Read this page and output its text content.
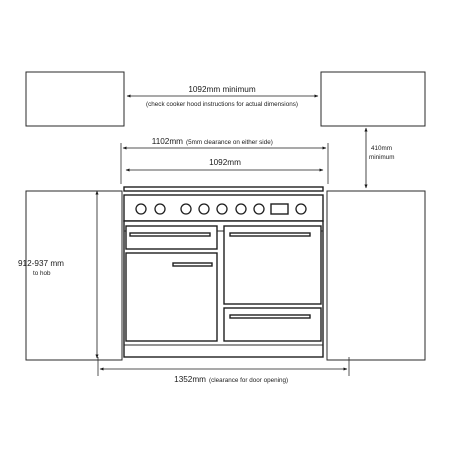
1092mm minimum
(check cooker hood instructions for actual dimensions)
410mm
minimum
1102mm (5mm clearance on either side)
1092mm
912-937 mm
to hob
1352mm (clearance for door opening)
